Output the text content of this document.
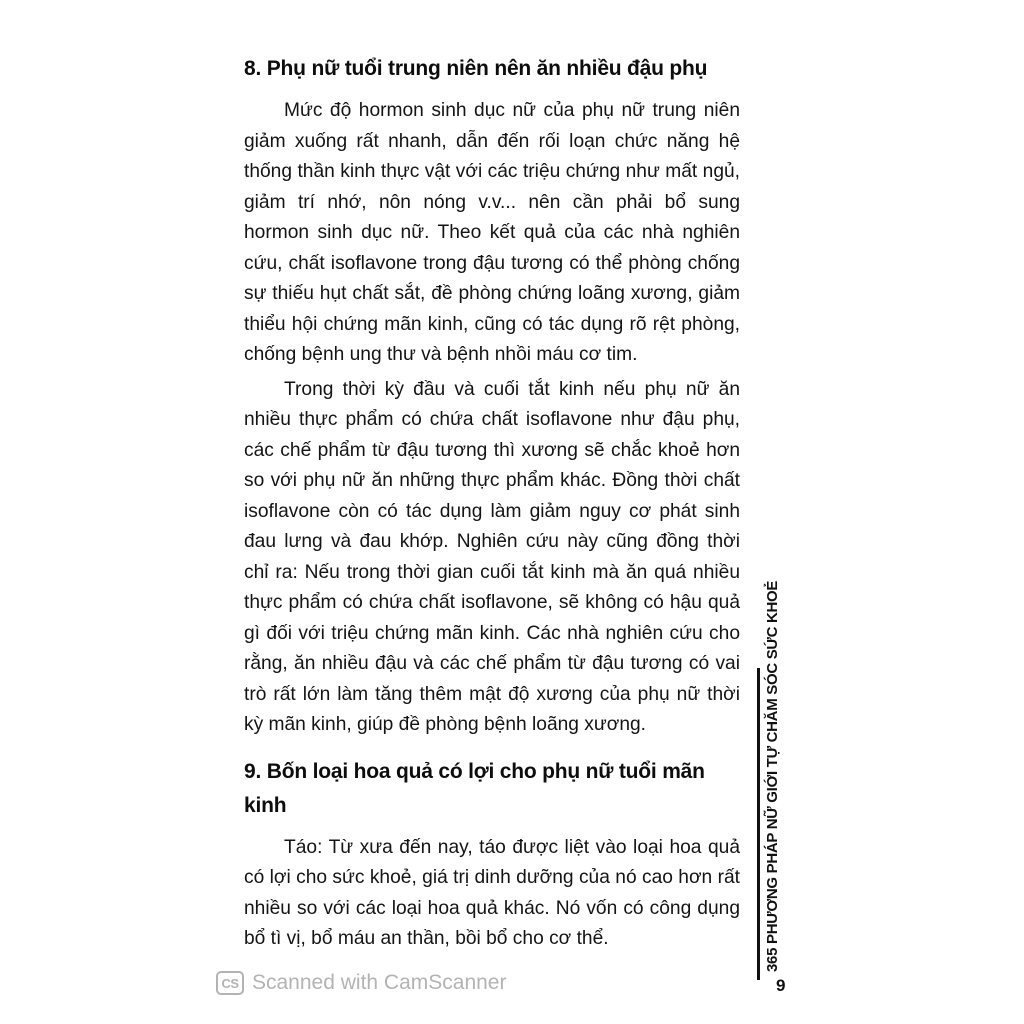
8. Phụ nữ tuổi trung niên nên ăn nhiều đậu phụ

Mức độ hormon sinh dục nữ của phụ nữ trung niên giảm xuống rất nhanh, dẫn đến rối loạn chức năng hệ thống thần kinh thực vật với các triệu chứng như mất ngủ, giảm trí nhớ, nôn nóng v.v... nên cần phải bổ sung hormon sinh dục nữ. Theo kết quả của các nhà nghiên cứu, chất isoflavone trong đậu tương có thể phòng chống sự thiếu hụt chất sắt, đề phòng chứng loãng xương, giảm thiểu hội chứng mãn kinh, cũng có tác dụng rõ rệt phòng, chống bệnh ung thư và bệnh nhồi máu cơ tim.

Trong thời kỳ đầu và cuối tắt kinh nếu phụ nữ ăn nhiều thực phẩm có chứa chất isoflavone như đậu phụ, các chế phẩm từ đậu tương thì xương sẽ chắc khoẻ hơn so với phụ nữ ăn những thực phẩm khác. Đồng thời chất isoflavone còn có tác dụng làm giảm nguy cơ phát sinh đau lưng và đau khớp. Nghiên cứu này cũng đồng thời chỉ ra: Nếu trong thời gian cuối tắt kinh mà ăn quá nhiều thực phẩm có chứa chất isoflavone, sẽ không có hậu quả gì đối với triệu chứng mãn kinh. Các nhà nghiên cứu cho rằng, ăn nhiều đậu và các chế phẩm từ đậu tương có vai trò rất lớn làm tăng thêm mật độ xương của phụ nữ thời kỳ mãn kinh, giúp đề phòng bệnh loãng xương.

9. Bốn loại hoa quả có lợi cho phụ nữ tuổi mãn kinh

Táo: Từ xưa đến nay, táo được liệt vào loại hoa quả có lợi cho sức khoẻ, giá trị dinh dưỡng của nó cao hơn rất nhiều so với các loại hoa quả khác. Nó vốn có công dụng bổ tì vị, bổ máu an thần, bồi bổ cho cơ thể.	365 PHƯƠNG PHÁP NỮ GIỚI TỰ CHĂM SÓC SỨC KHOẺ
9
CS Scanned with CamScanner
